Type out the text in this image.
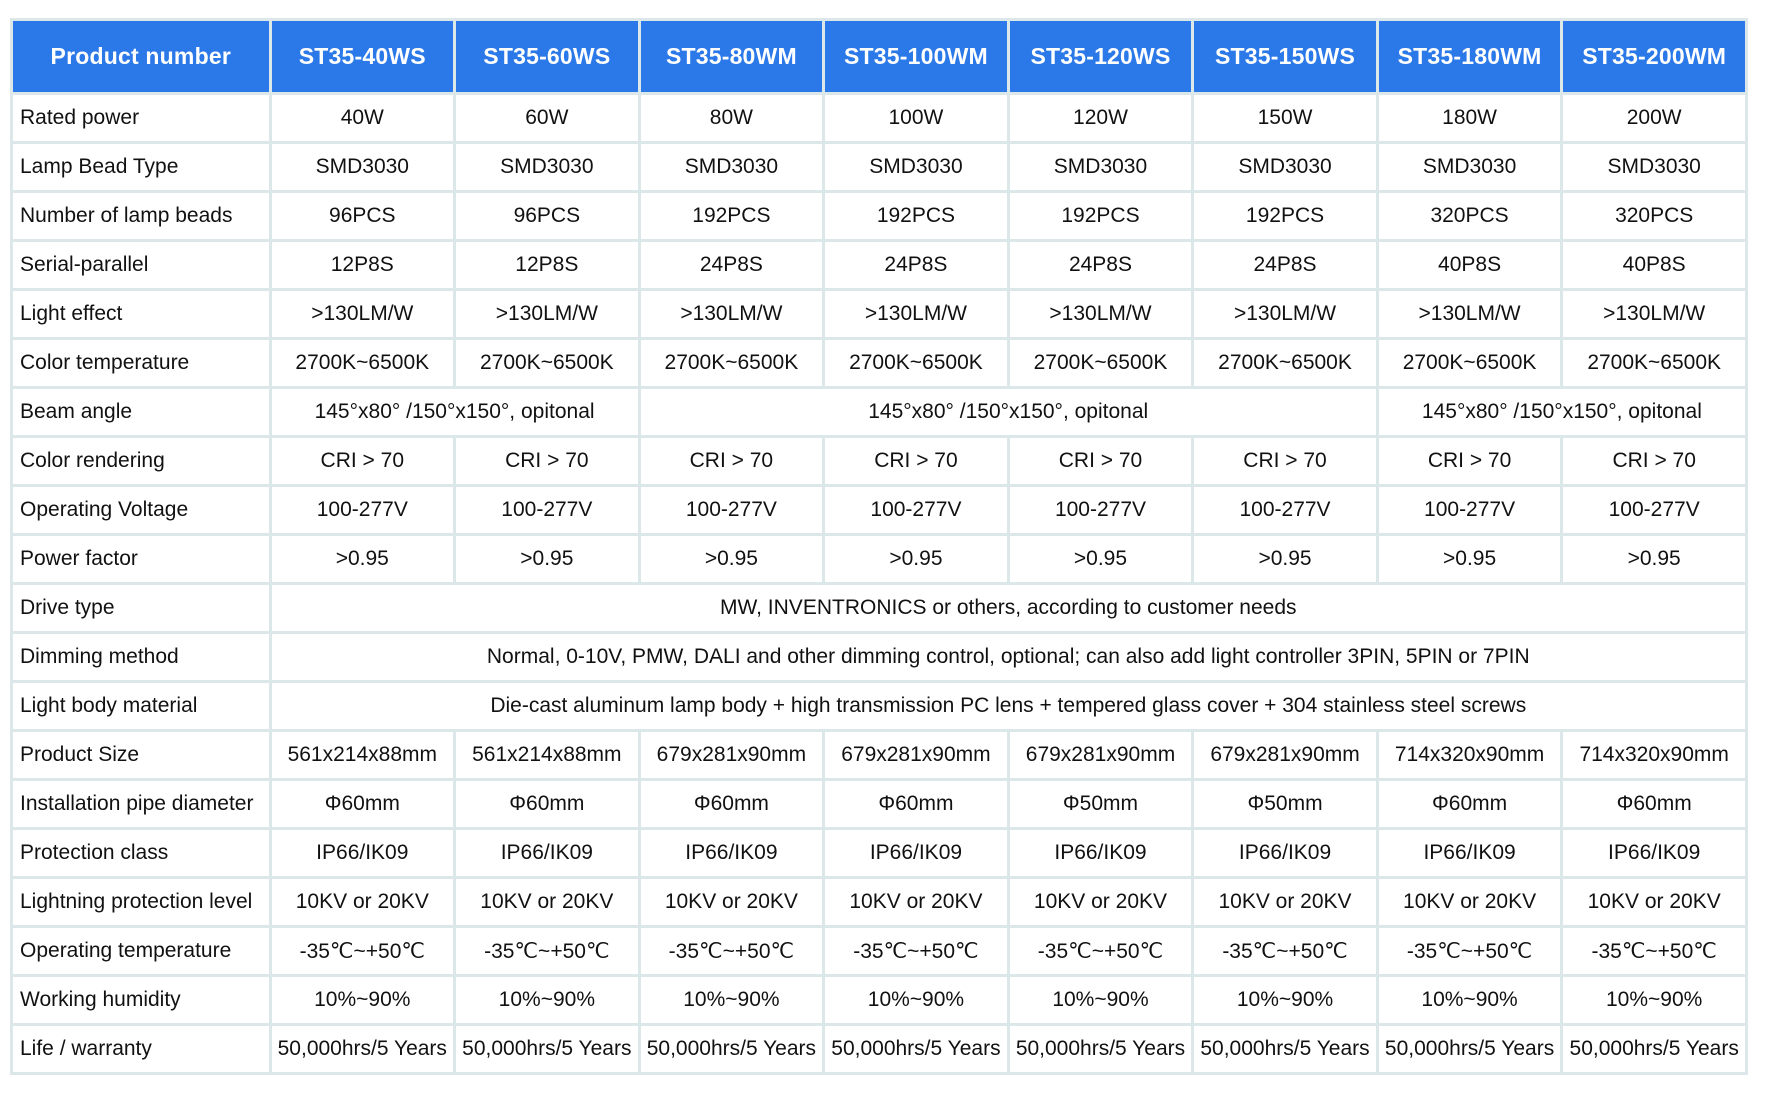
Product number	ST35-40WS	ST35-60WS	ST35-80WM	ST35-100WM	ST35-120WS	ST35-150WS	ST35-180WM	ST35-200WM
Rated power	40W	60W	80W	100W	120W	150W	180W	200W
Lamp Bead Type	SMD3030	SMD3030	SMD3030	SMD3030	SMD3030	SMD3030	SMD3030	SMD3030
Number of lamp beads	96PCS	96PCS	192PCS	192PCS	192PCS	192PCS	320PCS	320PCS
Serial-parallel	12P8S	12P8S	24P8S	24P8S	24P8S	24P8S	40P8S	40P8S
Light effect	>130LM/W	>130LM/W	>130LM/W	>130LM/W	>130LM/W	>130LM/W	>130LM/W	>130LM/W
Color temperature	2700K~6500K	2700K~6500K	2700K~6500K	2700K~6500K	2700K~6500K	2700K~6500K	2700K~6500K	2700K~6500K
Beam angle	145°x80° /150°x150°, opitonal		145°x80° /150°x150°, opitonal				145°x80° /150°x150°, opitonal	
Color rendering	CRI > 70	CRI > 70	CRI > 70	CRI > 70	CRI > 70	CRI > 70	CRI > 70	CRI > 70
Operating Voltage	100-277V	100-277V	100-277V	100-277V	100-277V	100-277V	100-277V	100-277V
Power factor	>0.95	>0.95	>0.95	>0.95	>0.95	>0.95	>0.95	>0.95
Drive type	MW, INVENTRONICS or others, according to customer needs							
Dimming method	Normal, 0-10V, PMW, DALI and other dimming control, optional; can also add light controller 3PIN, 5PIN or 7PIN							
Light body material	Die-cast aluminum lamp body + high transmission PC lens + tempered glass cover + 304 stainless steel screws							
Product Size	561x214x88mm	561x214x88mm	679x281x90mm	679x281x90mm	679x281x90mm	679x281x90mm	714x320x90mm	714x320x90mm
Installation pipe diameter	Φ60mm	Φ60mm	Φ60mm	Φ60mm	Φ50mm	Φ50mm	Φ60mm	Φ60mm
Protection class	IP66/IK09	IP66/IK09	IP66/IK09	IP66/IK09	IP66/IK09	IP66/IK09	IP66/IK09	IP66/IK09
Lightning protection level	10KV or 20KV	10KV or 20KV	10KV or 20KV	10KV or 20KV	10KV or 20KV	10KV or 20KV	10KV or 20KV	10KV or 20KV
Operating temperature	-35℃~+50℃	-35℃~+50℃	-35℃~+50℃	-35℃~+50℃	-35℃~+50℃	-35℃~+50℃	-35℃~+50℃	-35℃~+50℃
Working humidity	10%~90%	10%~90%	10%~90%	10%~90%	10%~90%	10%~90%	10%~90%	10%~90%
Life / warranty	50,000hrs/5 Years	50,000hrs/5 Years	50,000hrs/5 Years	50,000hrs/5 Years	50,000hrs/5 Years	50,000hrs/5 Years	50,000hrs/5 Years	50,000hrs/5 Years
